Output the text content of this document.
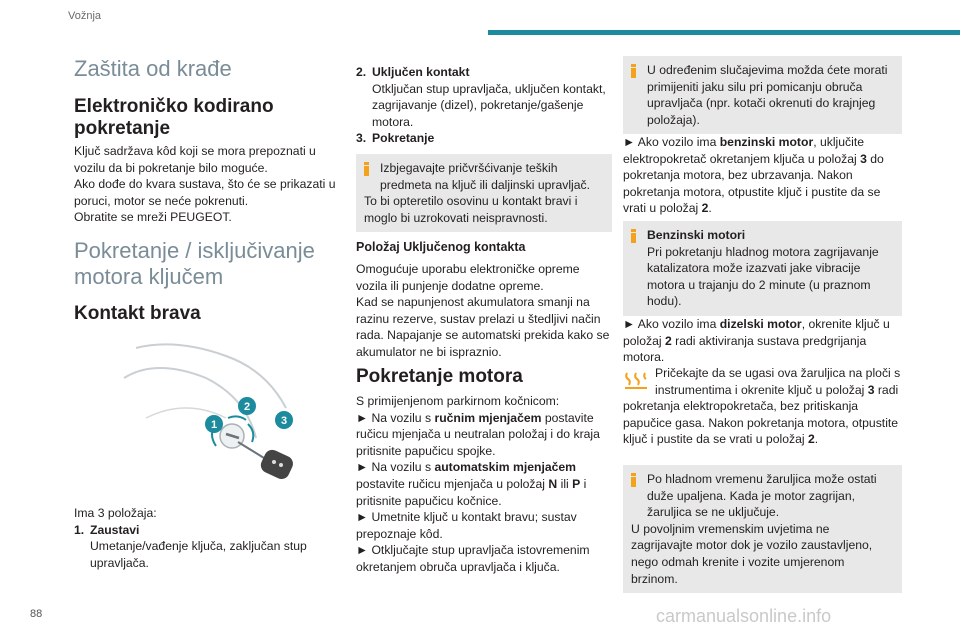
Vožnja
Zaštita od krađe
Elektroničko kodirano pokretanje

Ključ sadržava kôd koji se mora prepoznati u vozilu da bi pokretanje bilo moguće.

Ako dođe do kvara sustava, što će se prikazati u poruci, motor se neće pokrenuti.

Obratite se mreži PEUGEOT.

Pokretanje / isključivanje motora ključem
Kontakt brava
1
2
3

Ima 3 položaja:

1. Zaustavi

Umetanje/vađenje ključa, zaključan stup upravljača.

2. Uključen kontakt

Otključan stup upravljača, uključen kontakt, zagrijavanje (dizel), pokretanje/gašenje motora.

3. Pokretanje

Izbjegavajte pričvršćivanje teških predmeta na ključ ili daljinski upravljač.

To bi opteretilo osovinu u kontakt bravi i moglo bi uzrokovati neispravnosti.

Položaj Uključenog kontakta

Omogućuje uporabu elektroničke opreme vozila ili punjenje dodatne opreme.

Kad se napunjenost akumulatora smanji na razinu rezerve, sustav prelazi u štedljivi način rada. Napajanje se automatski prekida kako se akumulator ne bi ispraznio.

Pokretanje motora

S primijenjenom parkirnom kočnicom:

► Na vozilu s ručnim mjenjačem postavite ručicu mjenjača u neutralan položaj i do kraja pritisnite papučicu spojke.

► Na vozilu s automatskim mjenjačem postavite ručicu mjenjača u položaj N ili P i pritisnite papučicu kočnice.

► Umetnite ključ u kontakt bravu; sustav prepoznaje kôd.

► Otključajte stup upravljača istovremenim okretanjem obruča upravljača i ključa.

U određenim slučajevima možda ćete morati primijeniti jaku silu pri pomicanju obruča upravljača (npr. kotači okrenuti do krajnjeg položaja).

► Ako vozilo ima benzinski motor, uključite elektropokretač okretanjem ključa u položaj 3 do pokretanja motora, bez ubrzavanja. Nakon pokretanja motora, otpustite ključ i pustite da se vrati u položaj 2.

Benzinski motori

Pri pokretanju hladnog motora zagrijavanje katalizatora može izazvati jake vibracije motora u trajanju do 2 minute (u praznom hodu).

► Ako vozilo ima dizelski motor, okrenite ključ u položaj 2 radi aktiviranja sustava predgrijanja motora.

Pričekajte da se ugasi ova žaruljica na ploči s instrumentima i okrenite ključ u položaj 3 radi pokretanja elektropokretača, bez pritiskanja papučice gasa. Nakon pokretanja motora, otpustite ključ i pustite da se vrati u položaj 2.

Po hladnom vremenu žaruljica može ostati duže upaljena. Kada je motor zagrijan, žaruljica se ne uključuje.

U povoljnim vremenskim uvjetima ne zagrijavajte motor dok je vozilo zaustavljeno, nego odmah krenite i vozite umjerenom brzinom.

88	carmanualsonline.info
